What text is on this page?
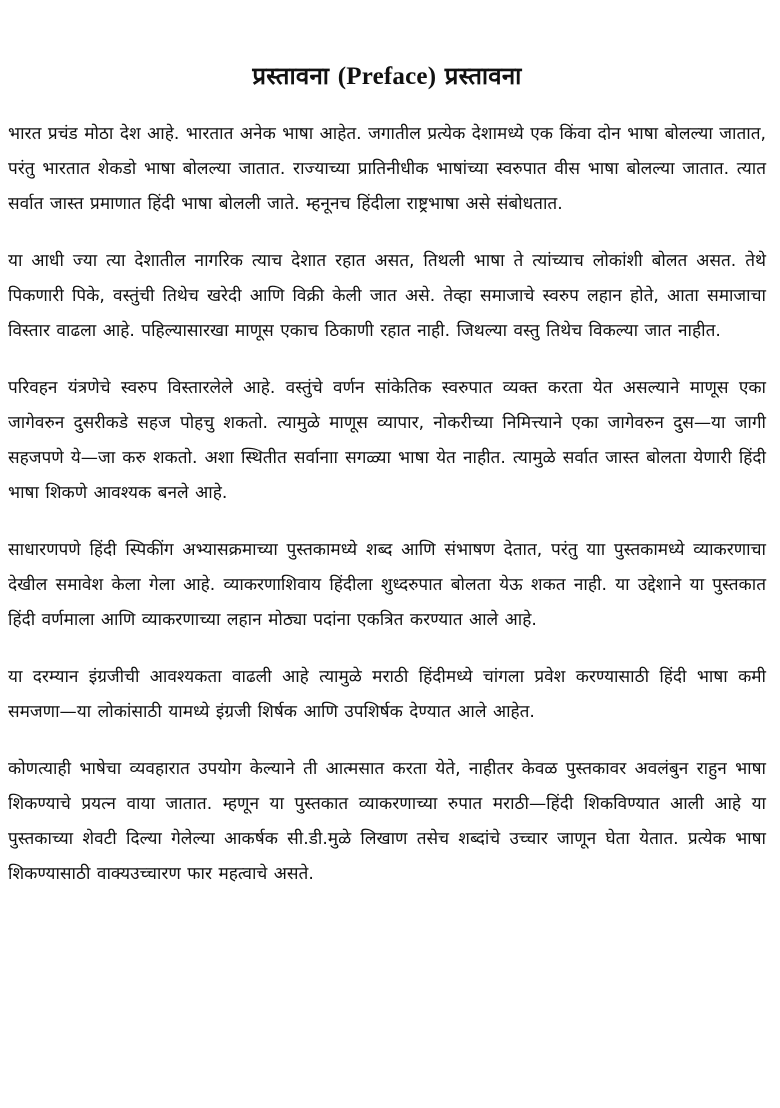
प्रस्तावना (Preface) प्रस्तावना

भारत प्रचंड मोठा देश आहे. भारतात अनेक भाषा आहेत. जगातील प्रत्येक देशामध्ये एक किंवा दोन भाषा बोलल्या जातात, परंतु भारतात शेकडो भाषा बोलल्या जातात. राज्याच्या प्रातिनीधीक भाषांच्या स्वरुपात वीस भाषा बोलल्या जातात. त्यात सर्वात जास्त प्रमाणात हिंदी भाषा बोलली जाते. म्हनूनच हिंदीला राष्ट्रभाषा असे संबोधतात.

या आधी ज्या त्या देशातील नागरिक त्याच देशात रहात असत, तिथली भाषा ते त्यांच्याच लोकांशी बोलत असत. तेथे पिकणारी पिके, वस्तुंची तिथेच खरेदी आणि विक्री केली जात असे. तेव्हा समाजाचे स्वरुप लहान होते, आता समाजाचा विस्तार वाढला आहे. पहिल्यासारखा माणूस एकाच ठिकाणी रहात नाही. जिथल्या वस्तु तिथेच विकल्या जात नाहीत.

परिवहन यंत्रणेचे स्वरुप विस्तारलेले आहे. वस्तुंचे वर्णन सांकेतिक स्वरुपात व्यक्त करता येत असल्याने माणूस एका जागेवरुन दुसरीकडे सहज पोहचु शकतो. त्यामुळे माणूस व्यापार, नोकरीच्या निमित्त्याने एका जागेवरुन दुस—या जागी सहजपणे ये—जा करु शकतो. अशा स्थितीत सर्वानाा सगळ्या भाषा येत नाहीत. त्यामुळे सर्वात जास्त बोलता येणारी हिंदी भाषा शिकणे आवश्यक बनले आहे.

साधारणपणे हिंदी स्पिकींग अभ्यासक्रमाच्या पुस्तकामध्ये शब्द आणि संभाषण देतात, परंतु याा पुस्तकामध्ये व्याकरणाचा देखील समावेश केला गेला आहे. व्याकरणाशिवाय हिंदीला शुध्दरुपात बोलता येऊ शकत नाही. या उद्देशाने या पुस्तकात हिंदी वर्णमाला आणि व्याकरणाच्या लहान मोठ्या पदांना एकत्रित करण्यात आले आहे.

या दरम्यान इंग्रजीची आवश्यकता वाढली आहे त्यामुळे मराठी हिंदीमध्ये चांगला प्रवेश करण्यासाठी हिंदी भाषा कमी समजणा—या लोकांसाठी यामध्ये इंग्रजी शिर्षक आणि उपशिर्षक देण्यात आले आहेत.

कोणत्याही भाषेचा व्यवहारात उपयोग केल्याने ती आत्मसात करता येते, नाहीतर केवळ पुस्तकावर अवलंबुन राहुन भाषा शिकण्याचे प्रयत्न वाया जातात. म्हणून या पुस्तकात व्याकरणाच्या रुपात मराठी—हिंदी शिकविण्यात आली आहे या पुस्तकाच्या शेवटी दिल्या गेलेल्या आकर्षक सी.डी.मुळे लिखाण तसेच शब्दांचे उच्चार जाणून घेता येतात. प्रत्येक भाषा शिकण्यासाठी वाक्यउच्चारण फार महत्वाचे असते.
